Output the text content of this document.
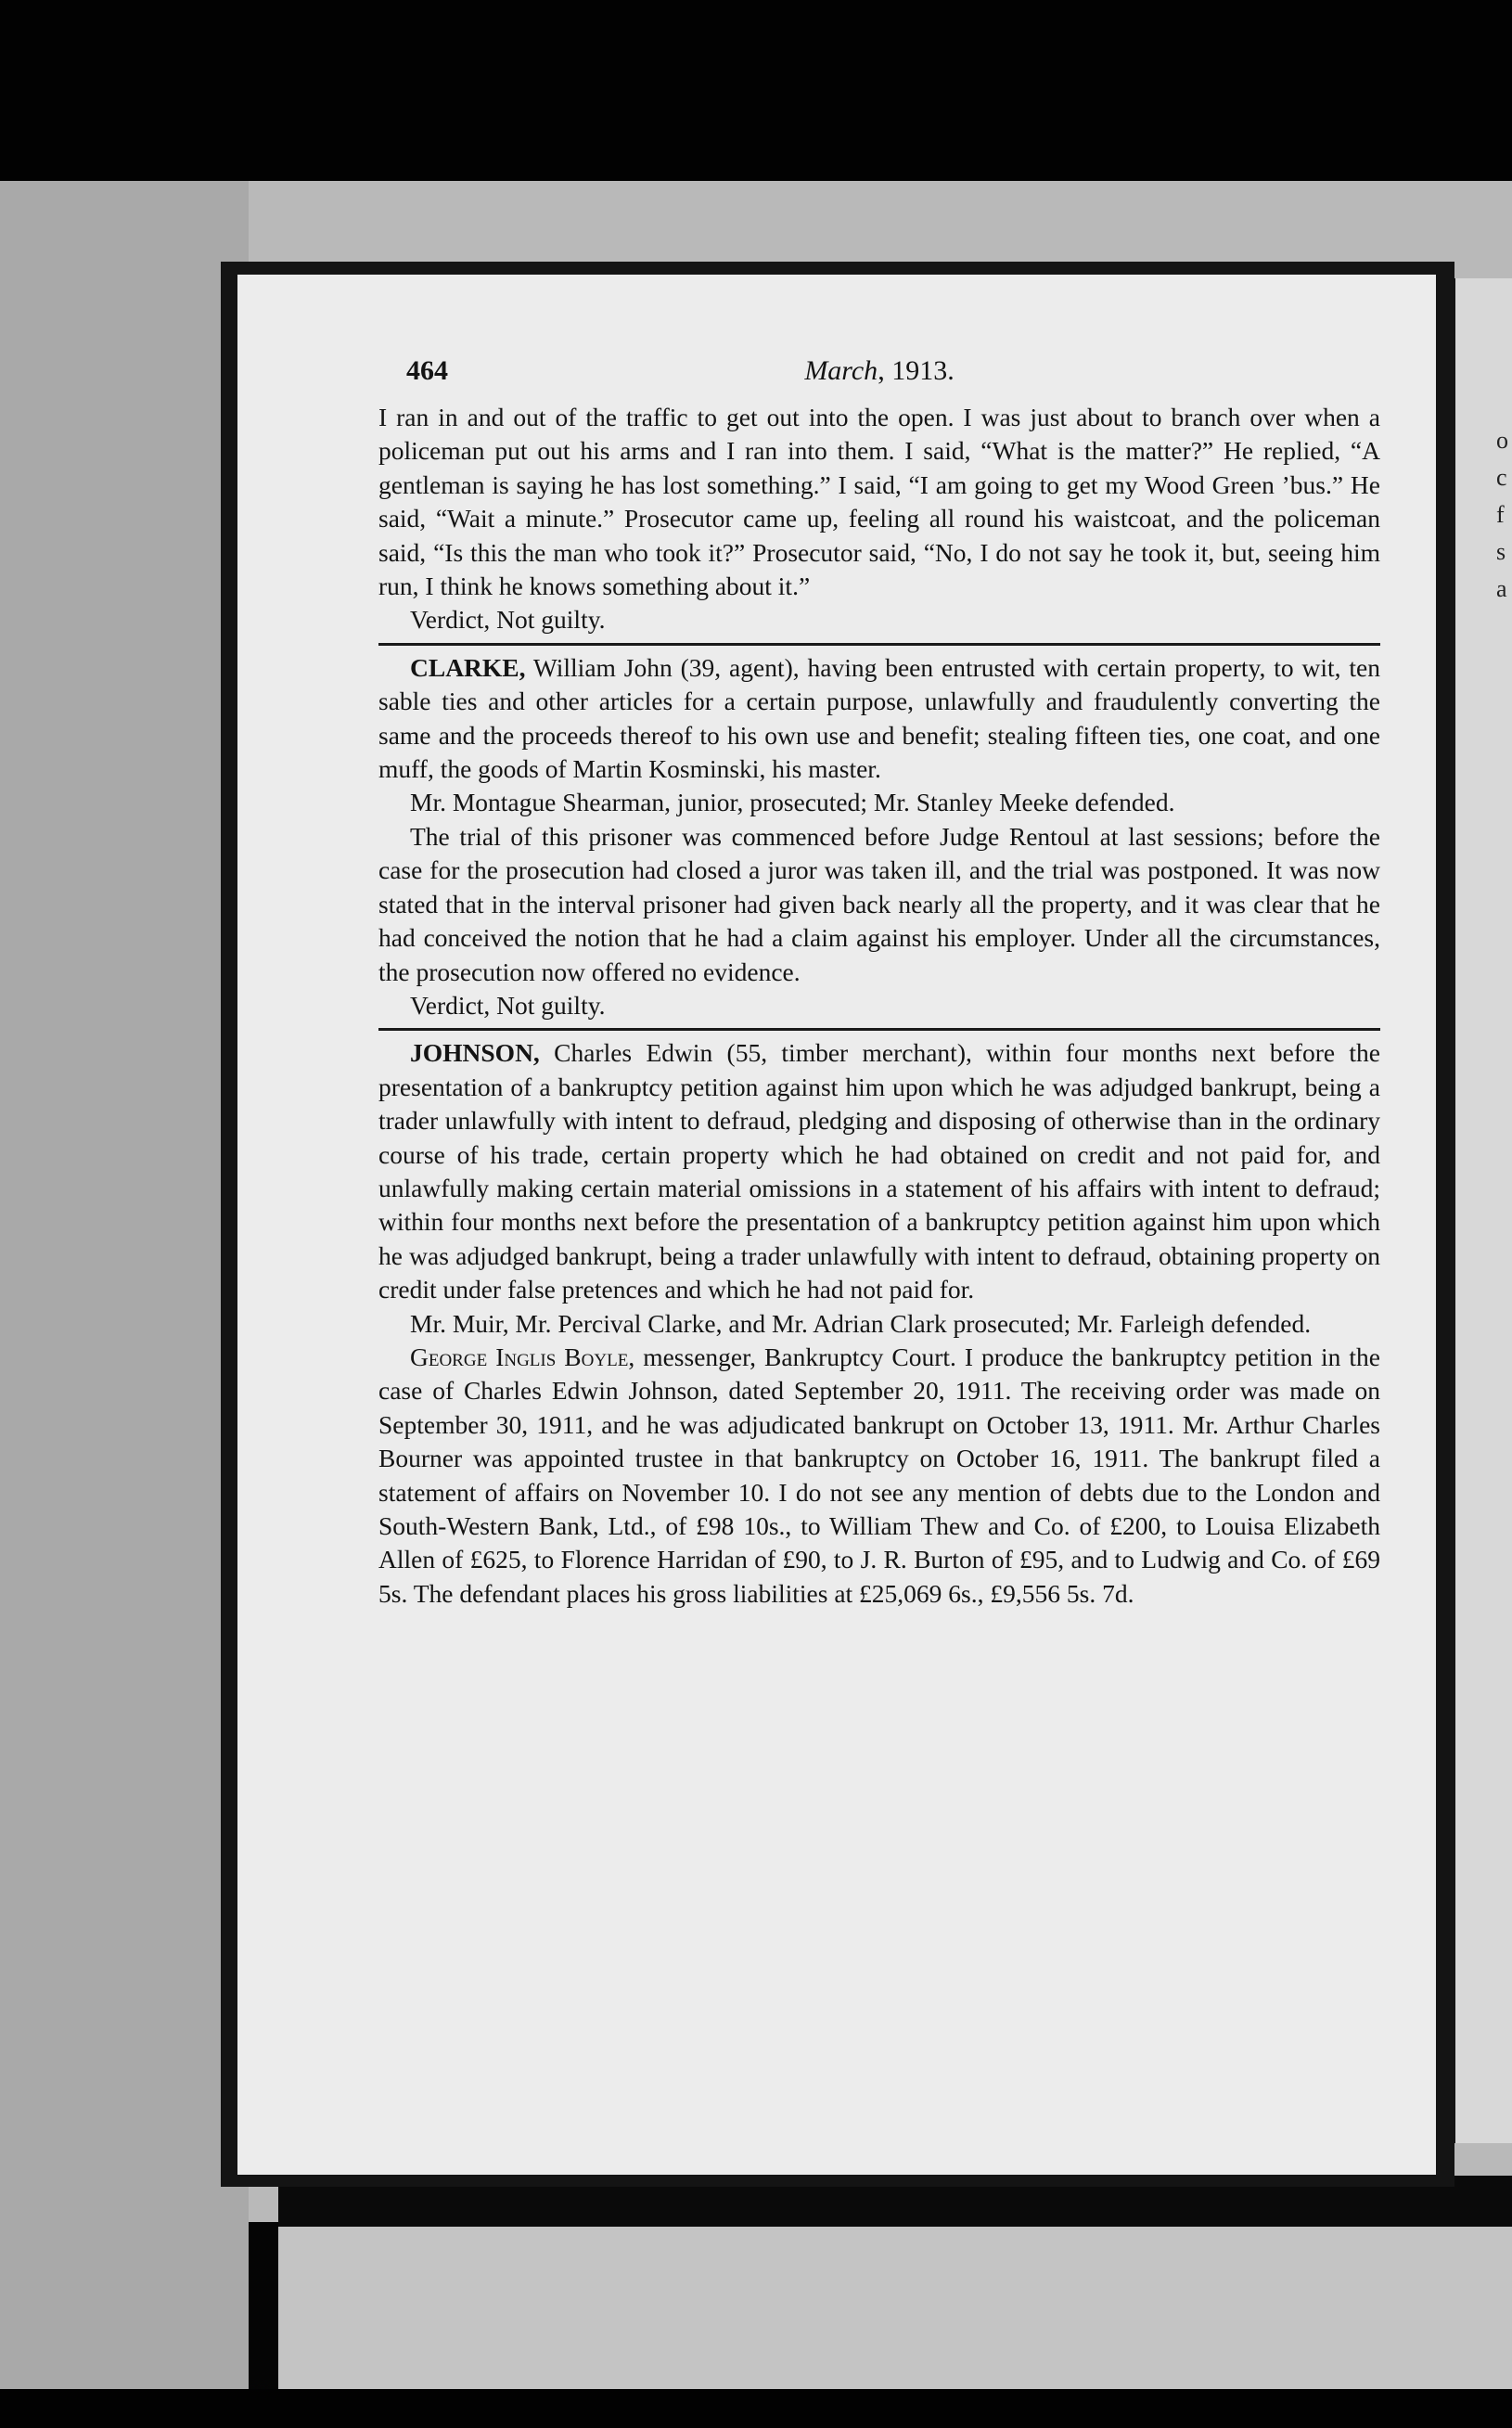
o c f s a
464	March, 1913.

I ran in and out of the traffic to get out into the open. I was just about to branch over when a policeman put out his arms and I ran into them. I said, “What is the matter?” He replied, “A gentleman is saying he has lost something.” I said, “I am going to get my Wood Green ’bus.” He said, “Wait a minute.” Prosecutor came up, feeling all round his waistcoat, and the policeman said, “Is this the man who took it?” Prosecutor said, “No, I do not say he took it, but, seeing him run, I think he knows something about it.”

Verdict, Not guilty.

CLARKE, William John (39, agent), having been entrusted with certain property, to wit, ten sable ties and other articles for a certain purpose, unlawfully and fraudulently converting the same and the proceeds thereof to his own use and benefit; stealing fifteen ties, one coat, and one muff, the goods of Martin Kosminski, his master.

Mr. Montague Shearman, junior, prosecuted; Mr. Stanley Meeke defended.

The trial of this prisoner was commenced before Judge Rentoul at last sessions; before the case for the prosecution had closed a juror was taken ill, and the trial was postponed. It was now stated that in the interval prisoner had given back nearly all the property, and it was clear that he had conceived the notion that he had a claim against his employer. Under all the circumstances, the prosecution now offered no evidence.

Verdict, Not guilty.

JOHNSON, Charles Edwin (55, timber merchant), within four months next before the presentation of a bankruptcy petition against him upon which he was adjudged bankrupt, being a trader unlawfully with intent to defraud, pledging and disposing of otherwise than in the ordinary course of his trade, certain property which he had obtained on credit and not paid for, and unlawfully making certain material omissions in a statement of his affairs with intent to defraud; within four months next before the presentation of a bankruptcy petition against him upon which he was adjudged bankrupt, being a trader unlawfully with intent to defraud, obtaining property on credit under false pretences and which he had not paid for.

Mr. Muir, Mr. Percival Clarke, and Mr. Adrian Clark prosecuted; Mr. Farleigh defended.

George Inglis Boyle, messenger, Bankruptcy Court. I produce the bankruptcy petition in the case of Charles Edwin Johnson, dated September 20, 1911. The receiving order was made on September 30, 1911, and he was adjudicated bankrupt on October 13, 1911. Mr. Arthur Charles Bourner was appointed trustee in that bankruptcy on October 16, 1911. The bankrupt filed a statement of affairs on November 10. I do not see any mention of debts due to the London and South-Western Bank, Ltd., of £98 10s., to William Thew and Co. of £200, to Louisa Elizabeth Allen of £625, to Florence Harridan of £90, to J. R. Burton of £95, and to Ludwig and Co. of £69 5s. The defendant places his gross liabilities at £25,069 6s., £9,556 5s. 7d.
